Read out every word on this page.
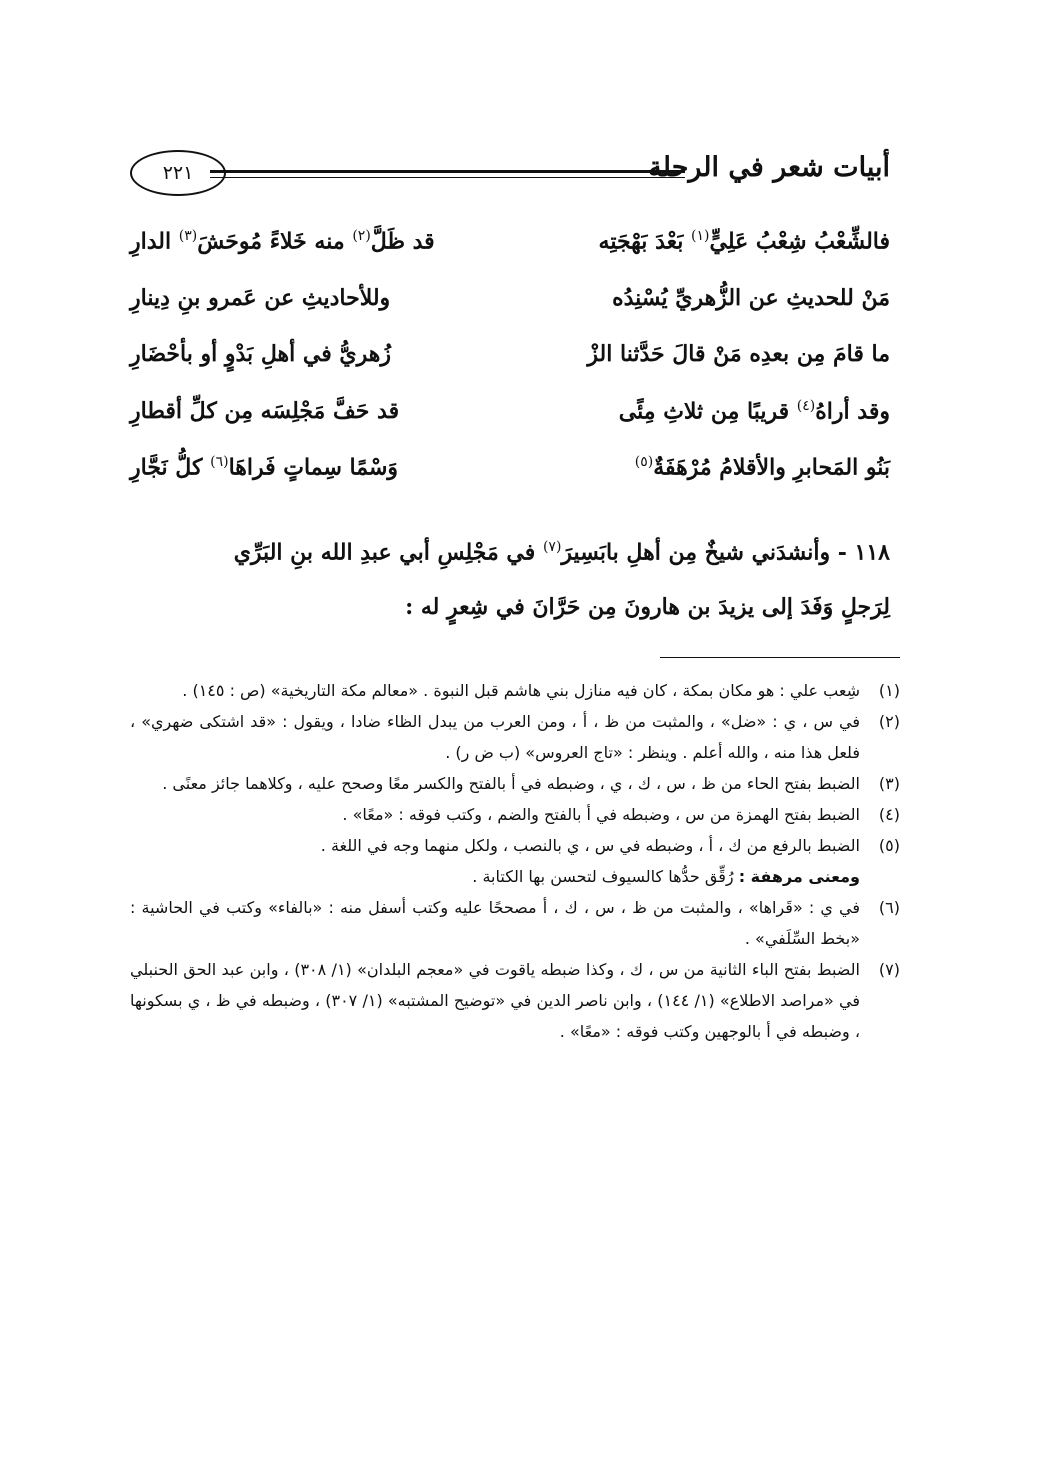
أبيات شعر في الرحلة
٢٢١
فالشِّعْبُ شِعْبُ عَلِيٍّ$^{(١)}$ بَعْدَ بَهْجَتِه
قد ظَلَّ$^{(٢)}$ منه خَلاءً مُوحَشَ$^{(٣)}$ الدارِ
مَنْ للحديثِ عن الزُّهريِّ يُسْنِدُه
وللأحاديثِ عن عَمرو بنِ دِينارِ
ما قامَ مِن بعدِه مَنْ قالَ حَدَّثنا الزْ
زُهريُّ في أهلِ بَدْوٍ أو بأحْضَارِ
وقد أراهُ$^{(٤)}$ قريبًا مِن ثلاثِ مِئًى
قد حَفَّ مَجْلِسَه مِن كلِّ أقطارِ
بَنُو المَحابرِ والأقلامُ مُرْهَفَةٌ$^{(٥)}$
وَسْمًا سِماتٍ فَراهَا$^{(٦)}$ كلُّ نَجَّارِ

١١٨ - وأنشدَني شيخٌ مِن أهلِ بابَسِيرَ$^{(٧)}$ في مَجْلِسِ أبي عبدِ الله بنِ البَرِّي

لِرَجلٍ وَفَدَ إلى يزيدَ بن هارونَ مِن حَرَّانَ في شِعرٍ له :

(١)شِعب علي : هو مكان بمكة ، كان فيه منازل بني هاشم قبل النبوة . «معالم مكة التاريخية» (ص : ١٤٥) .

(٢)في س ، ي : «ضل» ، والمثبت من ظ ، أ ، ومن العرب من يبدل الظاء ضادا ، ويقول : «قد اشتكى ضهري» ، فلعل هذا منه ، والله أعلم . وينظر : «تاج العروس» (ب ض ر) .

(٣)الضبط بفتح الحاء من ظ ، س ، ك ، ي ، وضبطه في أ بالفتح والكسر معًا وصحح عليه ، وكلاهما جائز معنًى .

(٤)الضبط بفتح الهمزة من س ، وضبطه في أ بالفتح والضم ، وكتب فوقه : «معًا» .

(٥)الضبط بالرفع من ك ، أ ، وضبطه في س ، ي بالنصب ، ولكل منهما وجه في اللغة .

ومعنى مرهفة : رُقِّق حدُّها كالسيوف لتحسن بها الكتابة .

(٦)في ي : «قَراها» ، والمثبت من ظ ، س ، ك ، أ مصححًا عليه وكتب أسفل منه : «بالفاء» وكتب في الحاشية : «بخط السِّلَفي» .

(٧)الضبط بفتح الباء الثانية من س ، ك ، وكذا ضبطه ياقوت في «معجم البلدان» (١/ ٣٠٨) ، وابن عبد الحق الحنبلي في «مراصد الاطلاع» (١/ ١٤٤) ، وابن ناصر الدين في «توضيح المشتبه» (١/ ٣٠٧) ، وضبطه في ظ ، ي بسكونها ، وضبطه في أ بالوجهين وكتب فوقه : «معًا» .
